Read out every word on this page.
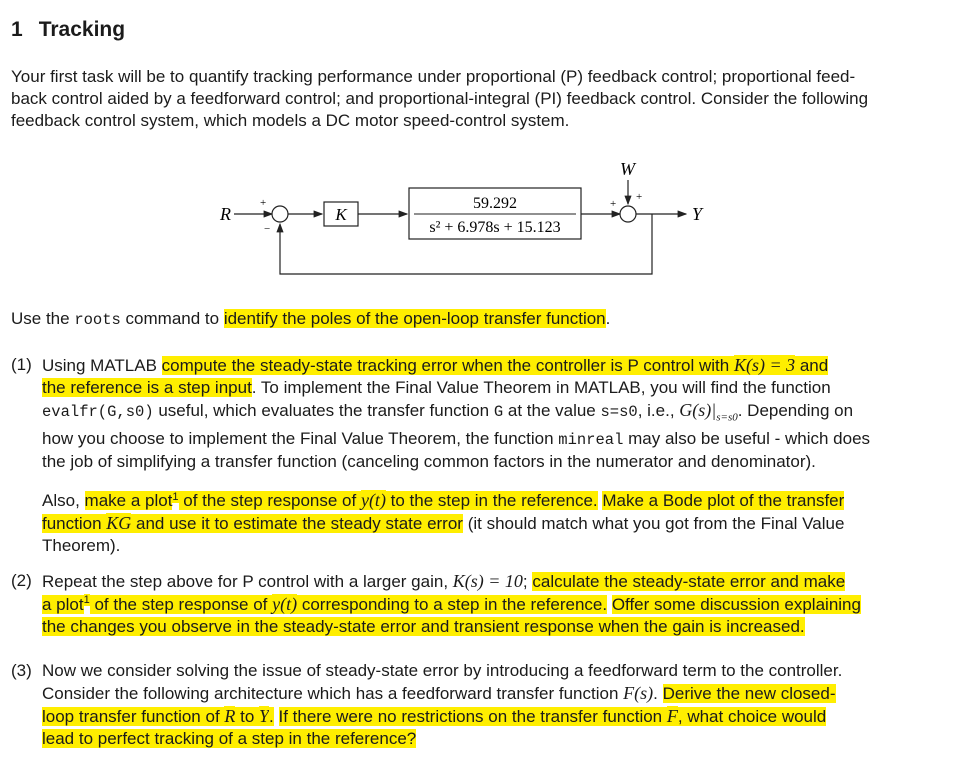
1 Tracking
Your first task will be to quantify tracking performance under proportional (P) feedback control; proportional feed-
back control aided by a feedforward control; and proportional-integral (PI) feedback control. Consider the following
feedback control system, which models a DC motor speed-control system.
R
+
−
K
59.292
s² + 6.978s + 15.123
+
+
W
Y
Use the roots command to identify the poles of the open-loop transfer function.
(1) Using MATLAB compute the steady-state tracking error when the controller is P control with K(s) = 3 and
the reference is a step input. To implement the Final Value Theorem in MATLAB, you will find the function
evalfr(G,s0) useful, which evaluates the transfer function G at the value s=s0, i.e., $G(s)|_{s=s0}$. Depending on
how you choose to implement the Final Value Theorem, the function minreal may also be useful - which does
the job of simplifying a transfer function (canceling common factors in the numerator and denominator).
Also, make a plot$^1$ of the step response of y(t) to the step in the reference. Make a Bode plot of the transfer
function KG and use it to estimate the steady state error (it should match what you got from the Final Value
Theorem).
(2) Repeat the step above for P control with a larger gain, K(s) = 10; calculate the steady-state error and make
a plot$^1$ of the step response of y(t) corresponding to a step in the reference. Offer some discussion explaining
the changes you observe in the steady-state error and transient response when the gain is increased.
(3) Now we consider solving the issue of steady-state error by introducing a feedforward term to the controller.
Consider the following architecture which has a feedforward transfer function F(s). Derive the new closed-
loop transfer function of R to Y. If there were no restrictions on the transfer function F, what choice would
lead to perfect tracking of a step in the reference?
